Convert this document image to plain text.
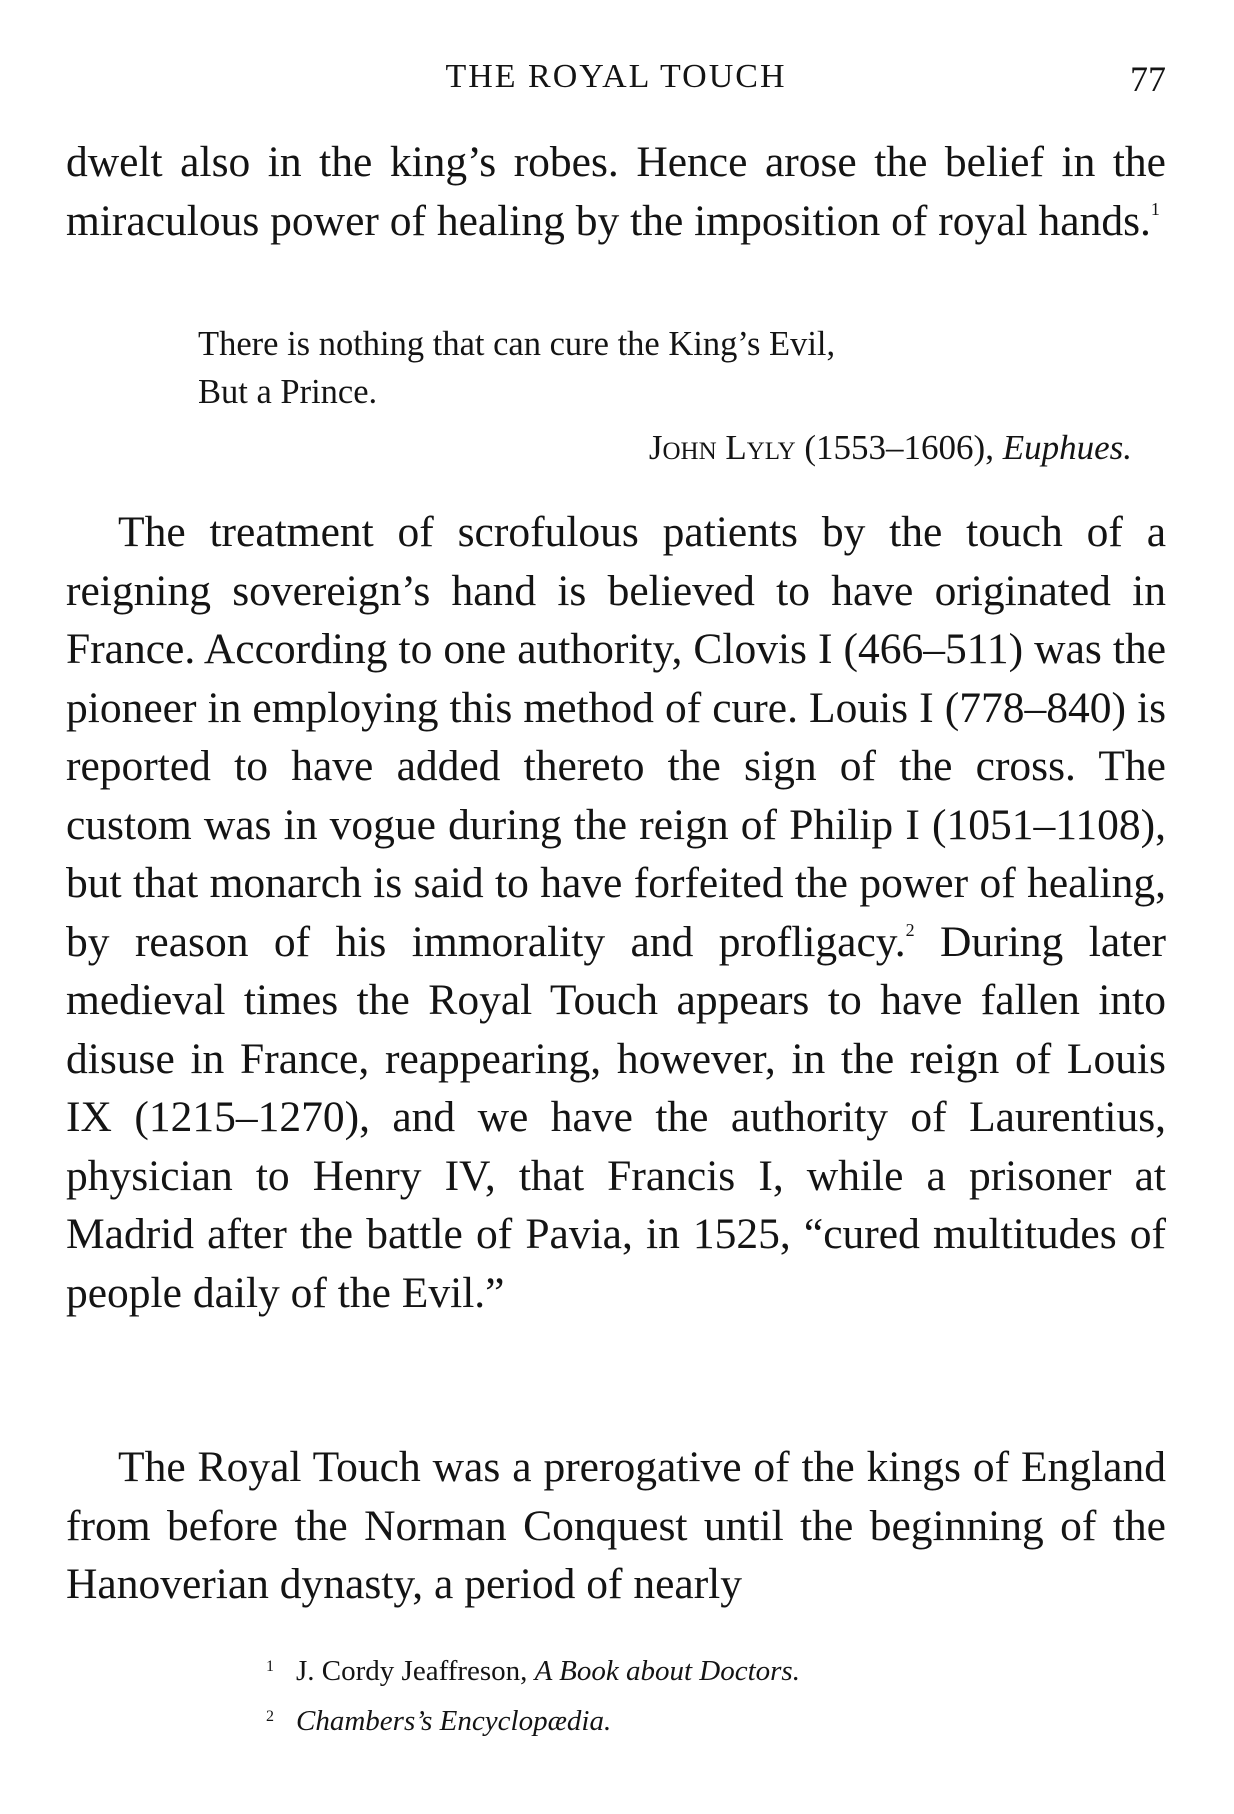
THE ROYAL TOUCH	77

dwelt also in the king’s robes. Hence arose the belief in the miraculous power of healing by the imposition of royal hands.$^1$

There is nothing that can cure the King’s Evil,
But a Prince.

John Lyly (1553–1606), Euphues.

The treatment of scrofulous patients by the touch of a reigning sovereign’s hand is believed to have originated in France. According to one authority, Clovis I (466–511) was the pioneer in employing this method of cure. Louis I (778–840) is reported to have added thereto the sign of the cross. The custom was in vogue during the reign of Philip I (1051–1108), but that monarch is said to have forfeited the power of healing, by reason of his immorality and profligacy.$^2$ During later medieval times the Royal Touch appears to have fallen into disuse in France, reappearing, however, in the reign of Louis IX (1215–1270), and we have the authority of Laurentius, physician to Henry IV, that Francis I, while a prisoner at Madrid after the battle of Pavia, in 1525, “cured multitudes of people daily of the Evil.”

The Royal Touch was a prerogative of the kings of England from before the Norman Conquest until the beginning of the Hanoverian dynasty, a period of nearly

1 J. Cordy Jeaffreson, A Book about Doctors.
2 Chambers’s Encyclopædia.
